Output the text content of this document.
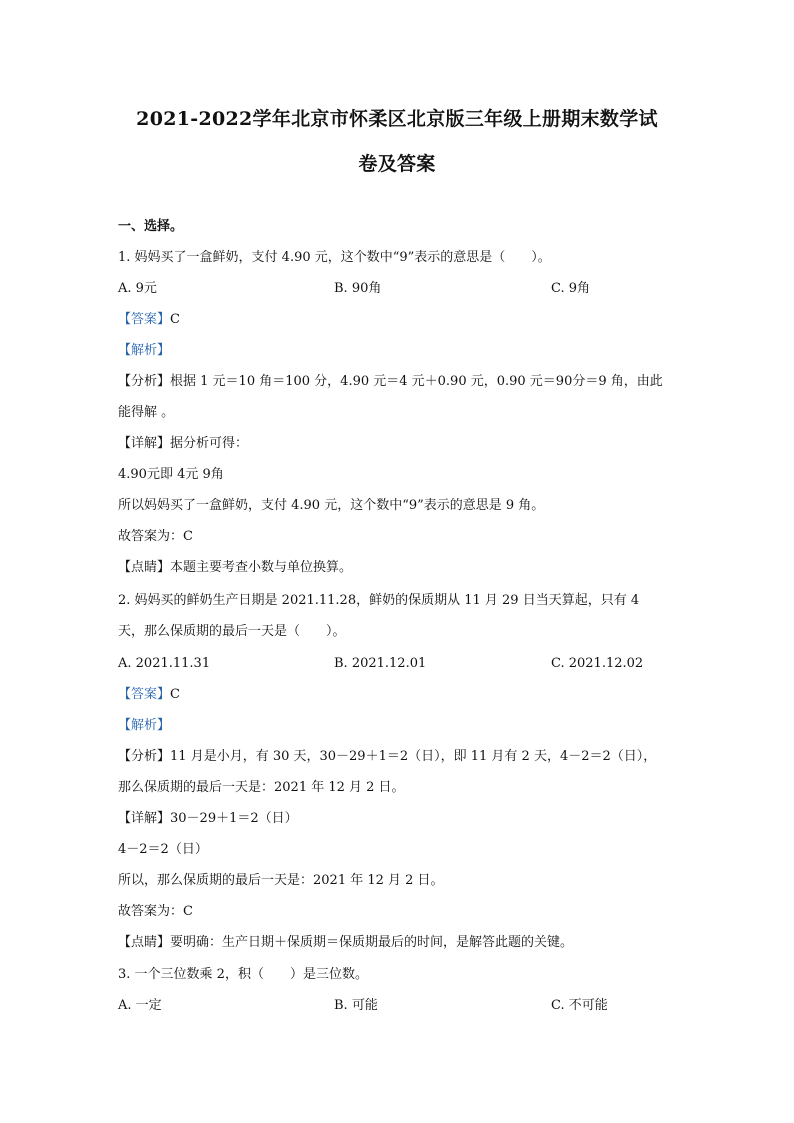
2021-2022学年北京市怀柔区北京版三年级上册期末数学试
卷及答案
一、选择。
1. 妈妈买了一盒鲜奶，支付 4.90 元，这个数中“9”表示的意思是（　　）。
A. 9元	B. 90角	C. 9角
【答案】C
【解析】
【分析】根据 1 元＝10 角＝100 分，4.90 元＝4 元＋0.90 元，0.90 元＝90分＝9 角，由此
能得解 。
【详解】据分析可得：
4.90元即 4元 9角
所以妈妈买了一盒鲜奶，支付 4.90 元，这个数中“9”表示的意思是 9 角。
故答案为：C
【点睛】本题主要考查小数与单位换算。
2. 妈妈买的鲜奶生产日期是 2021.11.28，鲜奶的保质期从 11 月 29 日当天算起，只有 4
天，那么保质期的最后一天是（　　）。
A. 2021.11.31	B. 2021.12.01	C. 2021.12.02
【答案】C
【解析】
【分析】11 月是小月，有 30 天，30－29＋1＝2（日），即 11 月有 2 天，4－2＝2（日），
那么保质期的最后一天是：2021 年 12 月 2 日。
【详解】30－29＋1＝2（日）
4－2＝2（日）
所以，那么保质期的最后一天是：2021 年 12 月 2 日。
故答案为：C
【点睛】要明确：生产日期＋保质期＝保质期最后的时间，是解答此题的关键。
3. 一个三位数乘 2，积（　　）是三位数。
A. 一定	B. 可能	C. 不可能
